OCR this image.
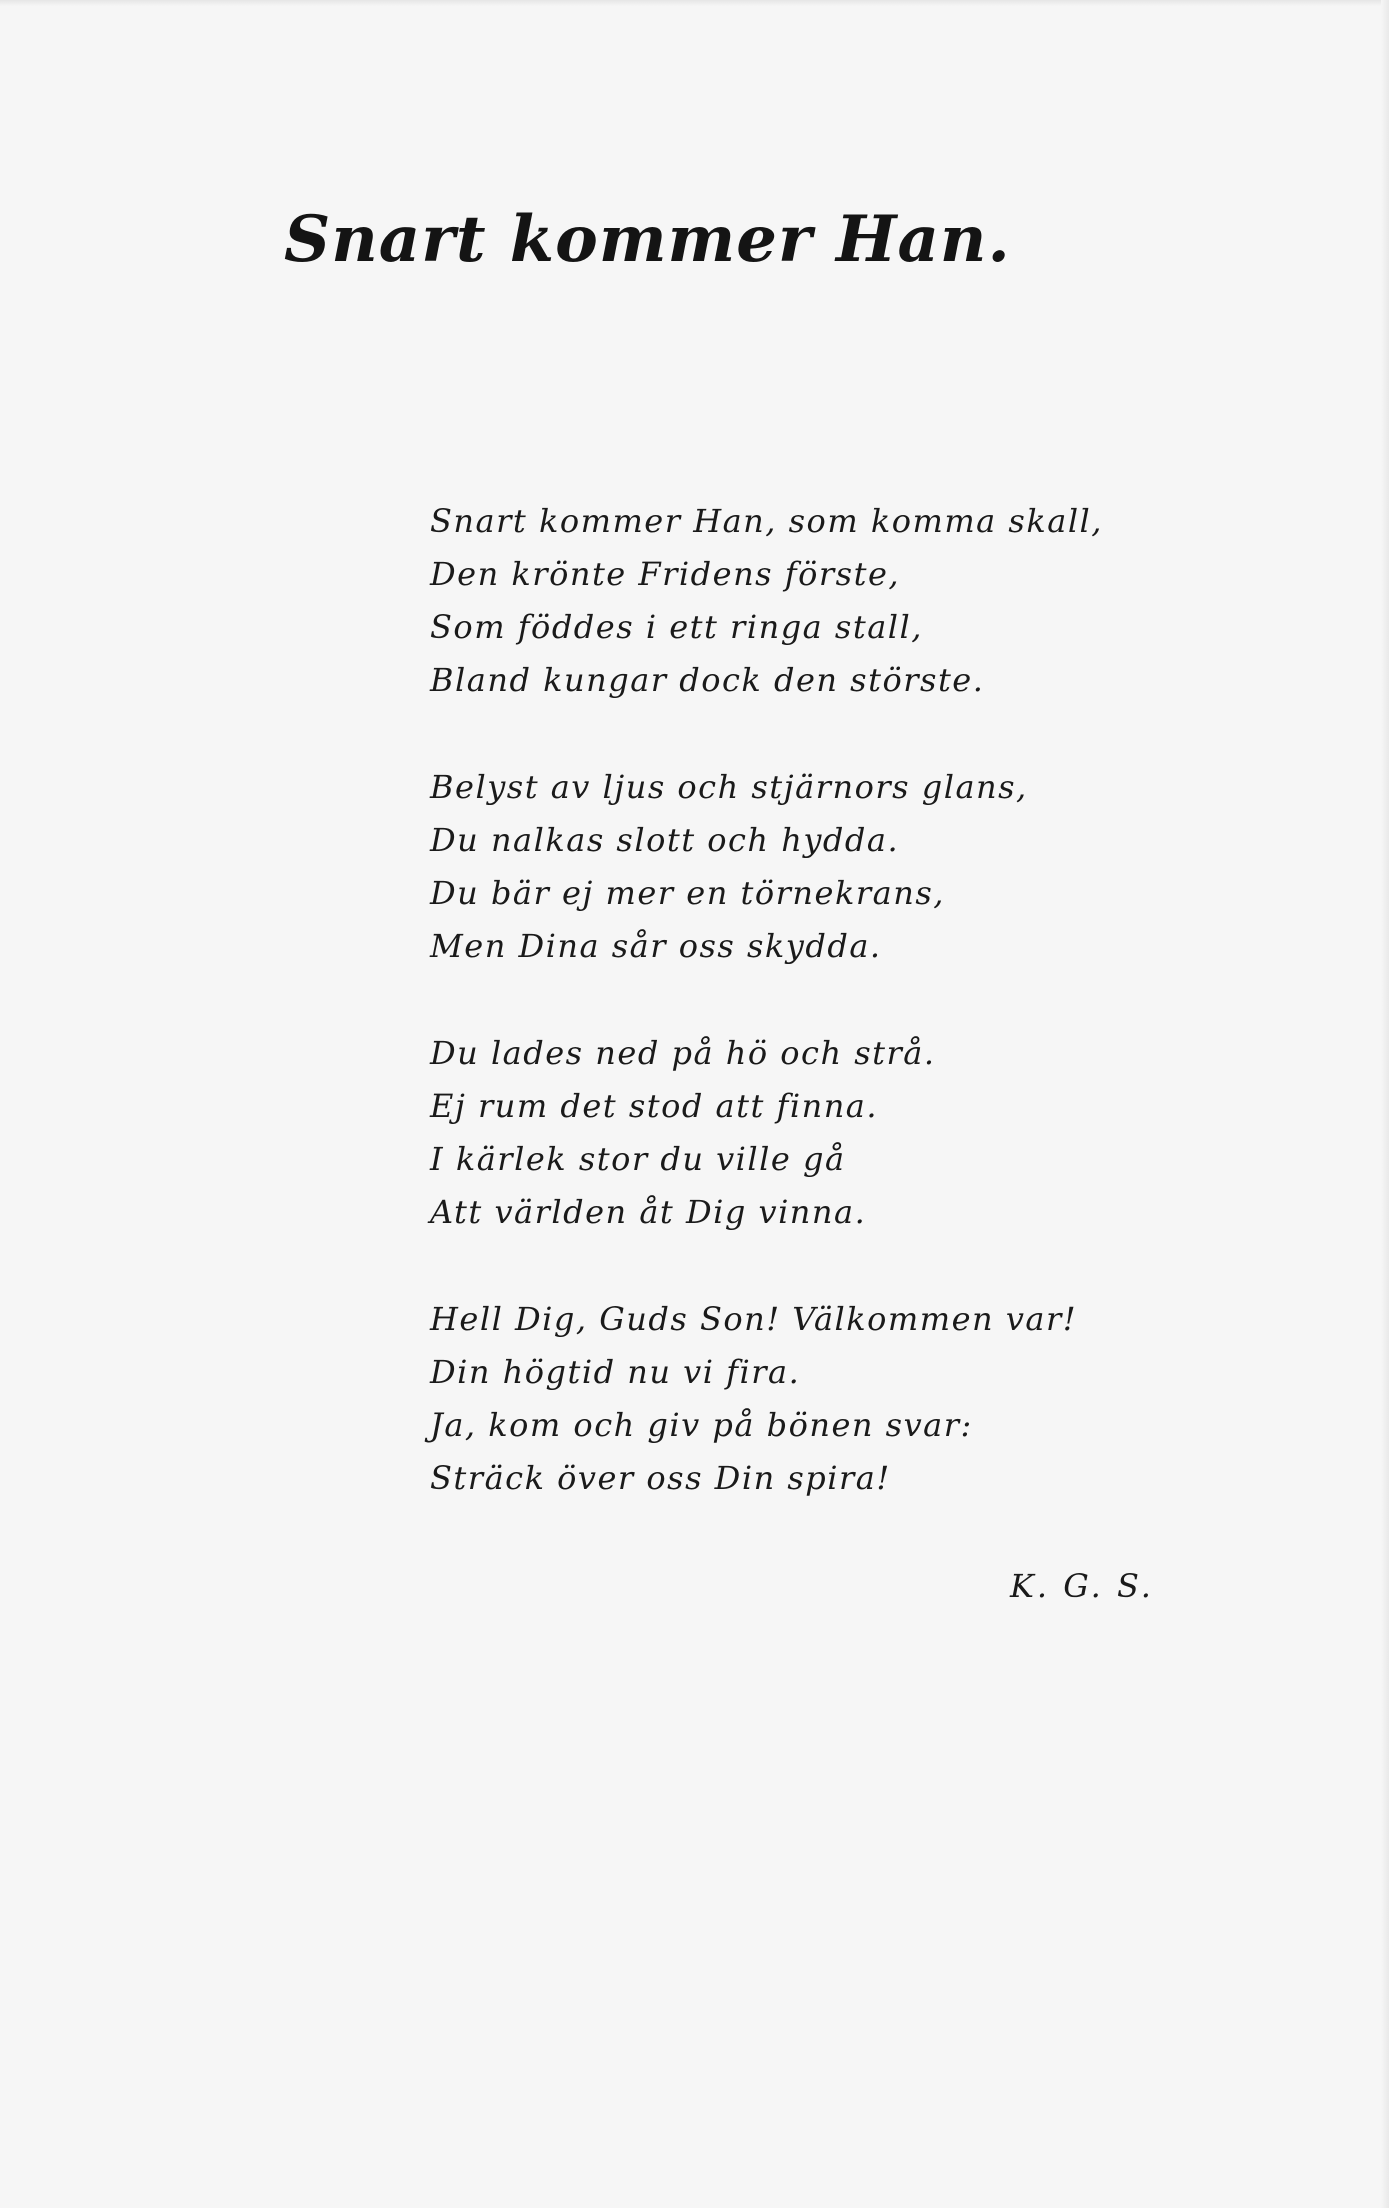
Snart kommer Han.
Snart kommer Han, som komma skall,
Den krönte Fridens förste,
Som föddes i ett ringa stall,
Bland kungar dock den störste.
Belyst av ljus och stjärnors glans,
Du nalkas slott och hydda.
Du bär ej mer en törnekrans,
Men Dina sår oss skydda.
Du lades ned på hö och strå.
Ej rum det stod att finna.
I kärlek stor du ville gå
Att världen åt Dig vinna.
Hell Dig, Guds Son! Välkommen var!
Din högtid nu vi fira.
Ja, kom och giv på bönen svar:
Sträck över oss Din spira!
K. G. S.
